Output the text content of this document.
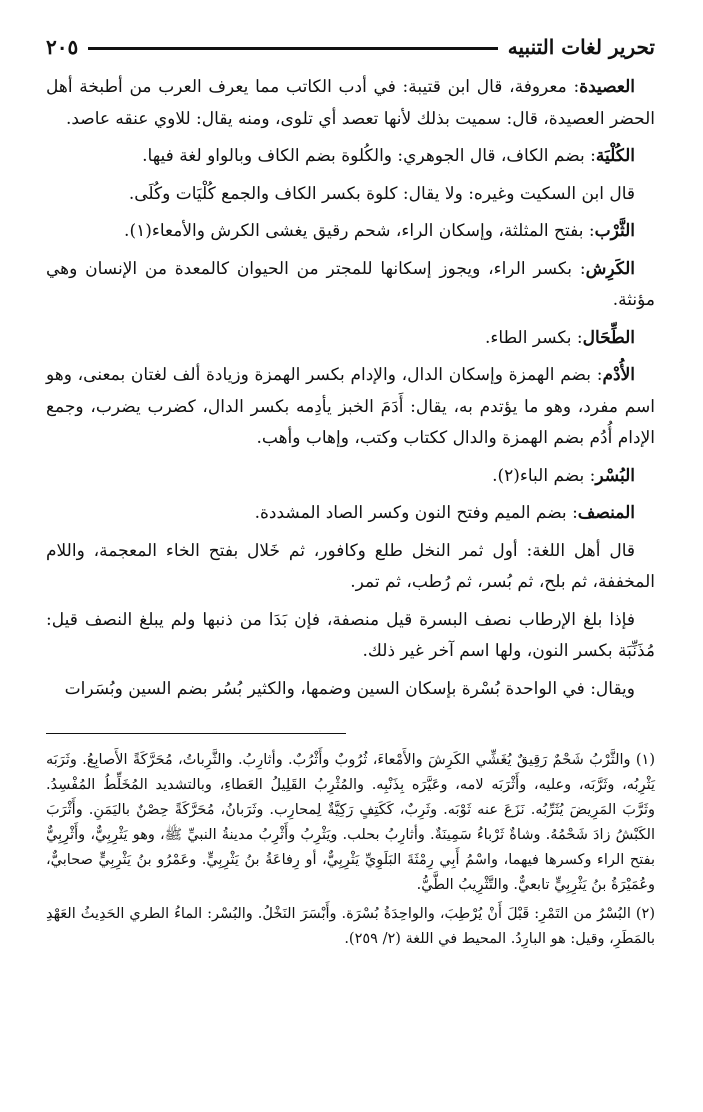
تحرير لغات التنبيه
٢٠٥

العصيدة: معروفة، قال ابن قتيبة: في أدب الكاتب مما يعرف العرب من أطبخة أهل الحضر العصيدة، قال: سميت بذلك لأنها تعصد أي تلوى، ومنه يقال: للاوي عنقه عاصد.

الكُلْيَة: بضم الكاف، قال الجوهري: والكُلوة بضم الكاف وبالواو لغة فيها.

قال ابن السكيت وغيره: ولا يقال: كلوة بكسر الكاف والجمع كُلْيَات وكُلَى.

الثَّرْب: بفتح المثلثة، وإسكان الراء، شحم رقيق يغشى الكرش والأمعاء(١).

الكَرِش: بكسر الراء، ويجوز إسكانها للمجتر من الحيوان كالمعدة من الإنسان وهي مؤنثة.

الطِّحَال: بكسر الطاء.

الأُدْم: بضم الهمزة وإسكان الدال، والإدام بكسر الهمزة وزيادة ألف لغتان بمعنى، وهو اسم مفرد، وهو ما يؤتدم به، يقال: أَدَمَ الخبز يأدِمه بكسر الدال، كضرب يضرب، وجمع الإدام أُدُم بضم الهمزة والدال ككتاب وكتب، وإهاب وأهب.

البُسْر: بضم الباء(٢).

المنصف: بضم الميم وفتح النون وكسر الصاد المشددة.

قال أهل اللغة: أول ثمر النخل طلع وكافور، ثم خَلال بفتح الخاء المعجمة، واللام المخففة، ثم بلح، ثم بُسر، ثم رُطب، ثم تمر.

فإذا بلغ الإرطاب نصف البسرة قيل منصفة، فإن بَدَا من ذنبها ولم يبلغ النصف قيل: مُذَنِّبَة بكسر النون، ولها اسم آخر غير ذلك.

ويقال: في الواحدة بُسْرة بإسكان السين وضمها، والكثير بُسُر بضم السين وبُسَرات

(١) والثَّرْبُ شَحْمٌ رَقِيقٌ يُغَشِّي الكَرِشَ والأَمْعاءَ، ثُرُوبٌ وأَثْرُبٌ. وأثارِبُ. والثَّرِباتُ، مُحَرَّكَةً الأَصابِعُ. وثَرَبَه يَثْرِبُه، وثَرَّبَه، وعليه، وأَثْرَبَه لامه، وعَيَّرَه بِذَنْبِه. والمُثْرِبُ القَلِيلُ العَطاءِ، وبالتشديد المُخَلِّطُ المُفْسِدُ. وثَرَّبَ المَرِيضَ يُثَرِّبُه. نَزَعَ عنه ثَوْبَه. وثَرِبٌ، كَكَتِفٍ رَكِيَّةٌ لِمحارِب. وثَرَبانُ، مُحَرَّكَةً حِصْنٌ باليَمَنِ. وأَثْرَبَ الكَبْشُ زادَ شَحْمُهُ. وشاةٌ ثَرْباءُ سَمِينَةٌ. وأثارِبُ بحلب. ويَثْرِبُ وأَثْرِبُ مدينةُ النبيِّ ﷺ، وهو يَثْرِبِيٌّ، وأَثْرِبِيٌّ بفتح الراء وكسرها فيهما، واسْمُ أَبِي رِمْثَةَ البَلَوِيِّ يَثْرِبِيٌّ، أو رِفاعَةُ بنُ يَثْرِبِيٍّ. وعَمْرُو بنُ يَثْرِبِيٍّ صحابيٌّ، وعُمَيْرَةُ بنُ يَثْرِبِيٍّ تابعيٌّ. والتَّثْرِيبُ الطَّيُّ.

(٢) البُسْرُ من التَمْرِ: قَبْلَ أَنْ يُرْطِبَ، والواحِدَةُ بُسْرَة. وأَبْسَرَ النَخْلُ. والبُسْر: الماءُ الطري الحَدِيثُ العَهْدِ بالمَطَرِ، وقيل: هو البارِدُ. المحيط في اللغة (٢/ ٢٥٩).
